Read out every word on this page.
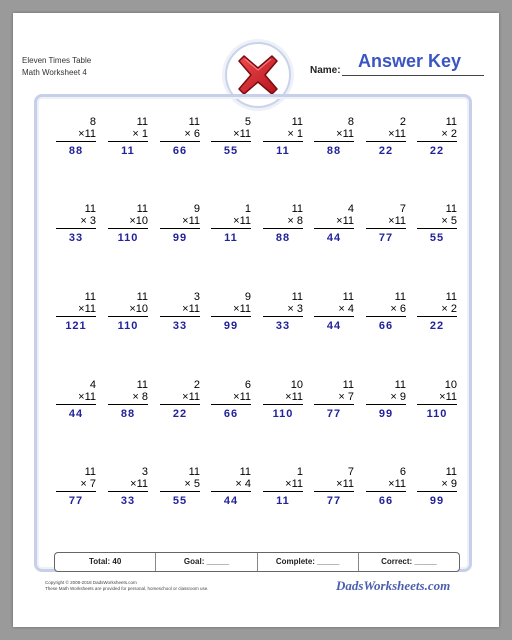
Eleven Times Table
Math Worksheet 4	Name: Answer Key
8
×11
88
11
× 1
11
11
× 6
66
5
×11
55
11
× 1
11
8
×11
88
2
×11
22
11
× 2
22
11
× 3
33
11
×10
110
9
×11
99
1
×11
11
11
× 8
88
4
×11
44
7
×11
77
11
× 5
55
11
×11
121
11
×10
110
3
×11
33
9
×11
99
11
× 3
33
11
× 4
44
11
× 6
66
11
× 2
22
4
×11
44
11
× 8
88
2
×11
22
6
×11
66
10
×11
110
11
× 7
77
11
× 9
99
10
×11
110
11
× 7
77
3
×11
33
11
× 5
55
11
× 4
44
1
×11
11
7
×11
77
6
×11
66
11
× 9
99
Total: 40	Goal: _____	Complete: _____	Correct: _____
Copyright © 2008-2018 DadsWorksheets.com
These Math Worksheets are provided for personal, homeschool or classroom use.	DadsWorksheets.com
